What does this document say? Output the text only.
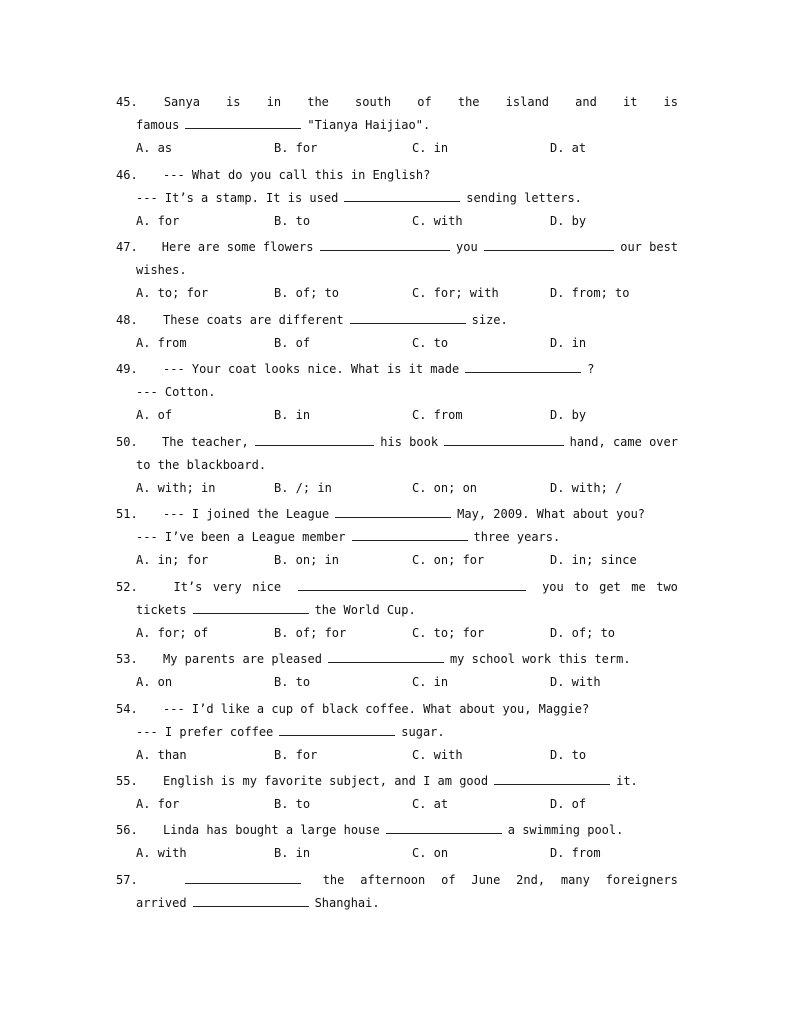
45. Sanya is in the south of the island and it is
famous	"Tianya Haijiao".
A. as	B. for	C. in	D. at
46.	--- What do you call this in English?
--- It’s a stamp. It is used	sending letters.
A. for	B. to	C. with	D. by
47.	Here are some flowers	you	our best
wishes.
A. to; for	B. of; to	C. for; with	D. from; to
48.	These coats are different	size.
A. from	B. of	C. to	D. in
49.	--- Your coat looks nice. What is it made	?
--- Cotton.
A. of	B. in	C. from	D. by
50.	The teacher,	his book	hand, came over
to the blackboard.
A. with; in	B. /; in	C. on; on	D. with; /
51.	--- I joined the League	May, 2009. What about you?
--- I’ve been a League member	three years.
A. in; for	B. on; in	C. on; for	D. in; since
52.	It’s very nice	you to get me two
tickets	the World Cup.
A. for; of	B. of; for	C. to; for	D. of; to
53.	My parents are pleased	my school work this term.
A. on	B. to	C. in	D. with
54.	--- I’d like a cup of black coffee. What about you, Maggie?
--- I prefer coffee	sugar.
A. than	B. for	C. with	D. to
55.	English is my favorite subject, and I am good	it.
A. for	B. to	C. at	D. of
56.	Linda has bought a large house	a swimming pool.
A. with	B. in	C. on	D. from
57.	the afternoon of June 2nd, many foreigners
arrived	Shanghai.
